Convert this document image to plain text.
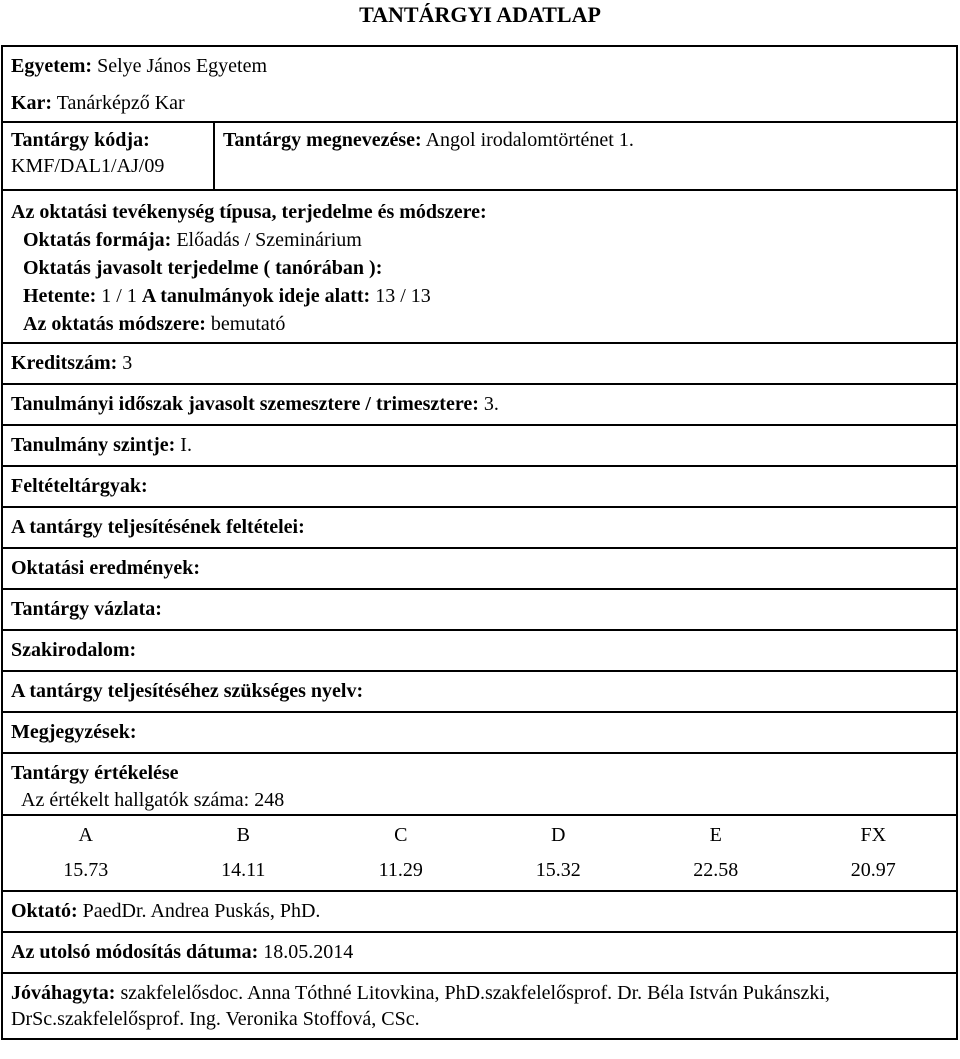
TANTÁRGYI ADATLAP
Egyetem: Selye János Egyetem
Kar: Tanárképző Kar
Tantárgy kódja:
KMF/DAL1/AJ/09	Tantárgy megnevezése: Angol irodalomtörténet 1.
Az oktatási tevékenység típusa, terjedelme és módszere:
Oktatás formája: Előadás / Szeminárium
Oktatás javasolt terjedelme ( tanórában ):
Hetente: 1 / 1 A tanulmányok ideje alatt: 13 / 13
Az oktatás módszere: bemutató

Kreditszám: 3
Tanulmányi időszak javasolt szemesztere / trimesztere: 3.
Tanulmány szintje: I.
Feltételtárgyak:
A tantárgy teljesítésének feltételei:
Oktatási eredmények:
Tantárgy vázlata:
Szakirodalom:
A tantárgy teljesítéséhez szükséges nyelv:
Megjegyzések:
Tantárgy értékelése
Az értékelt hallgatók száma: 248

A	B	C	D	E	FX
15.73	14.11	11.29	15.32	22.58	20.97

Oktató: PaedDr. Andrea Puskás, PhD.
Az utolsó módosítás dátuma: 18.05.2014
Jóváhagyta: szakfelelősdoc. Anna Tóthné Litovkina, PhD.szakfelelősprof. Dr. Béla István Pukánszki, DrSc.szakfelelősprof. Ing. Veronika Stoffová, CSc.
